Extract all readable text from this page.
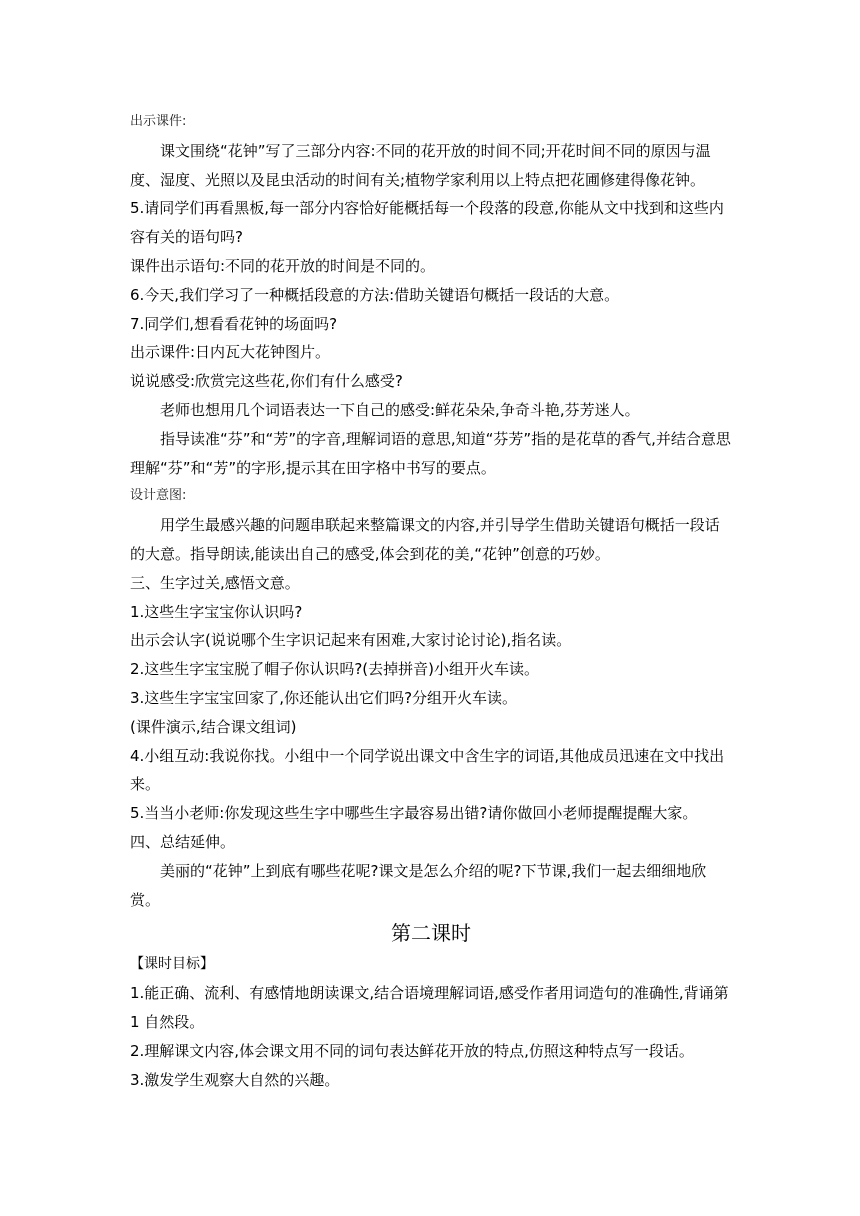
出示课件:

课文围绕“花钟”写了三部分内容:不同的花开放的时间不同;开花时间不同的原因与温度、湿度、光照以及昆虫活动的时间有关;植物学家利用以上特点把花圃修建得像花钟。

5.请同学们再看黑板,每一部分内容恰好能概括每一个段落的段意,你能从文中找到和这些内容有关的语句吗?

课件出示语句:不同的花开放的时间是不同的。

6.今天,我们学习了一种概括段意的方法:借助关键语句概括一段话的大意。

7.同学们,想看看花钟的场面吗?

出示课件:日内瓦大花钟图片。

说说感受:欣赏完这些花,你们有什么感受?

老师也想用几个词语表达一下自己的感受:鲜花朵朵,争奇斗艳,芬芳迷人。

指导读准“芬”和“芳”的字音,理解词语的意思,知道“芬芳”指的是花草的香气,并结合意思理解“芬”和“芳”的字形,提示其在田字格中书写的要点。

设计意图:

用学生最感兴趣的问题串联起来整篇课文的内容,并引导学生借助关键语句概括一段话的大意。指导朗读,能读出自己的感受,体会到花的美,“花钟”创意的巧妙。

三、生字过关,感悟文意。

1.这些生字宝宝你认识吗?

出示会认字(说说哪个生字识记起来有困难,大家讨论讨论),指名读。

2.这些生字宝宝脱了帽子你认识吗?(去掉拼音)小组开火车读。

3.这些生字宝宝回家了,你还能认出它们吗?分组开火车读。

(课件演示,结合课文组词)

4.小组互动:我说你找。小组中一个同学说出课文中含生字的词语,其他成员迅速在文中找出来。

5.当当小老师:你发现这些生字中哪些生字最容易出错?请你做回小老师提醒提醒大家。

四、总结延伸。

美丽的“花钟”上到底有哪些花呢?课文是怎么介绍的呢?下节课,我们一起去细细地欣赏。

第二课时

【课时目标】

1.能正确、流利、有感情地朗读课文,结合语境理解词语,感受作者用词造句的准确性,背诵第 1 自然段。

2.理解课文内容,体会课文用不同的词句表达鲜花开放的特点,仿照这种特点写一段话。

3.激发学生观察大自然的兴趣。
